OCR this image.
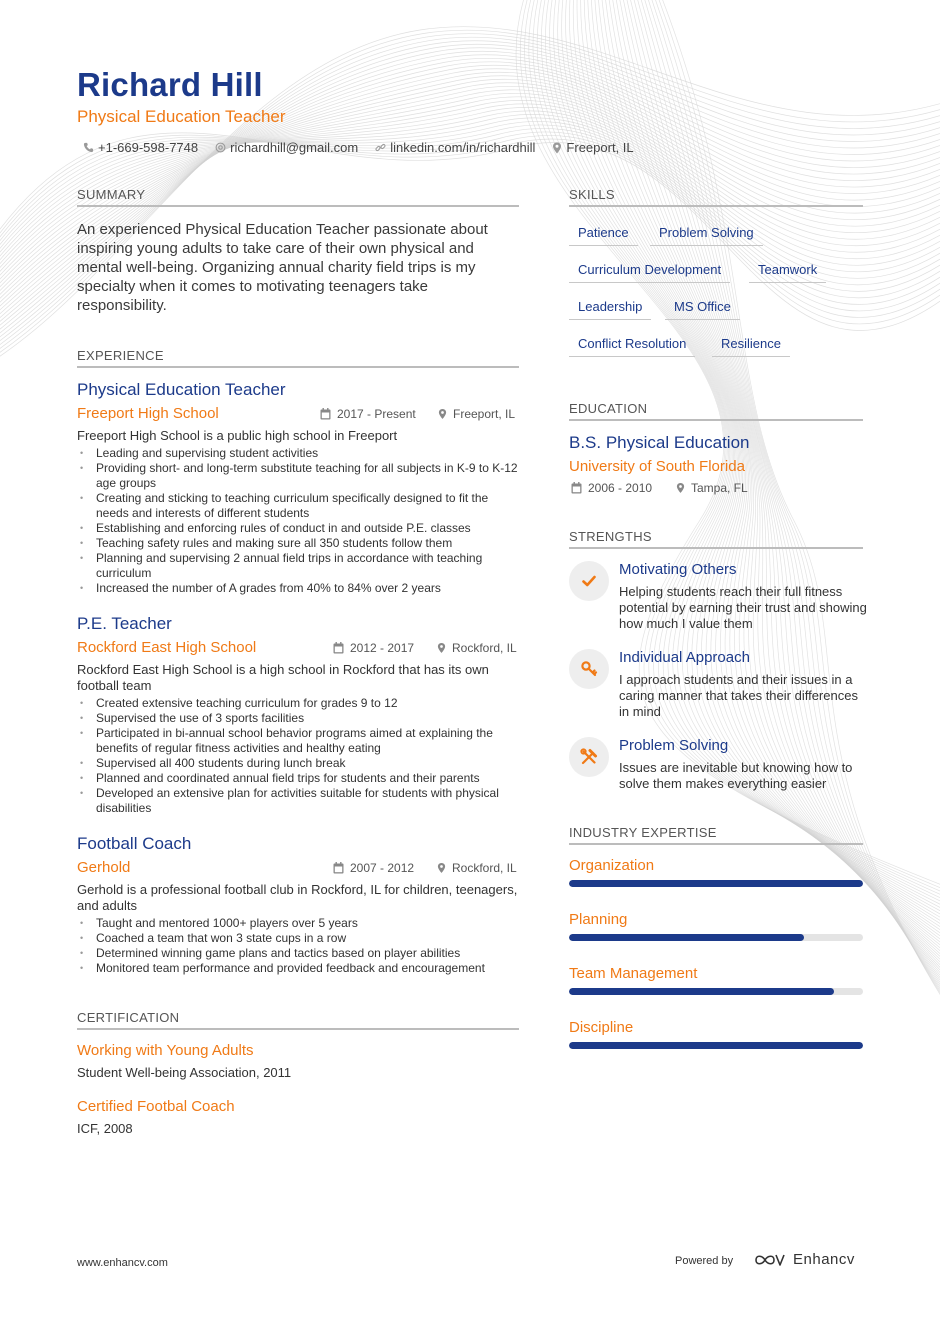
Richard Hill
Physical Education Teacher
+1-669-598-7748 richardhill@gmail.com linkedin.com/in/richardhill Freeport, IL
SUMMARY
An experienced Physical Education Teacher passionate about inspiring young adults to take care of their own physical and mental well-being. Organizing annual charity field trips is my specialty when it comes to motivating teenagers take responsibility.
EXPERIENCE
Physical Education Teacher
Freeport High School	2017 - Present	Freeport, IL
Freeport High School is a public high school in Freeport
• Leading and supervising student activities
• Providing short- and long-term substitute teaching for all subjects in K-9 to K-12 age groups
• Creating and sticking to teaching curriculum specifically designed to fit the needs and interests of different students
• Establishing and enforcing rules of conduct in and outside P.E. classes
• Teaching safety rules and making sure all 350 students follow them
• Planning and supervising 2 annual field trips in accordance with teaching curriculum
• Increased the number of A grades from 40% to 84% over 2 years
P.E. Teacher
Rockford East High School	2012 - 2017	Rockford, IL
Rockford East High School is a high school in Rockford that has its own football team
• Created extensive teaching curriculum for grades 9 to 12
• Supervised the use of 3 sports facilities
• Participated in bi-annual school behavior programs aimed at explaining the benefits of regular fitness activities and healthy eating
• Supervised all 400 students during lunch break
• Planned and coordinated annual field trips for students and their parents
• Developed an extensive plan for activities suitable for students with physical disabilities
Football Coach
Gerhold	2007 - 2012	Rockford, IL
Gerhold is a professional football club in Rockford, IL for children, teenagers, and adults
• Taught and mentored 1000+ players over 5 years
• Coached a team that won 3 state cups in a row
• Determined winning game plans and tactics based on player abilities
• Monitored team performance and provided feedback and encouragement
CERTIFICATION
Working with Young Adults
Student Well-being Association, 2011
Certified Footbal Coach
ICF, 2008
SKILLS
Patience	Problem Solving
Curriculum Development	Teamwork
Leadership	MS Office
Conflict Resolution	Resilience
EDUCATION
B.S. Physical Education
University of South Florida
2006 - 2010	Tampa, FL
STRENGTHS
Motivating Others
Helping students reach their full fitness potential by earning their trust and showing how much I value them
Individual Approach
I approach students and their issues in a caring manner that takes their differences in mind
Problem Solving
Issues are inevitable but knowing how to solve them makes everything easier
INDUSTRY EXPERTISE
Organization
Planning
Team Management
Discipline
www.enhancv.com	Powered by	Enhancv
